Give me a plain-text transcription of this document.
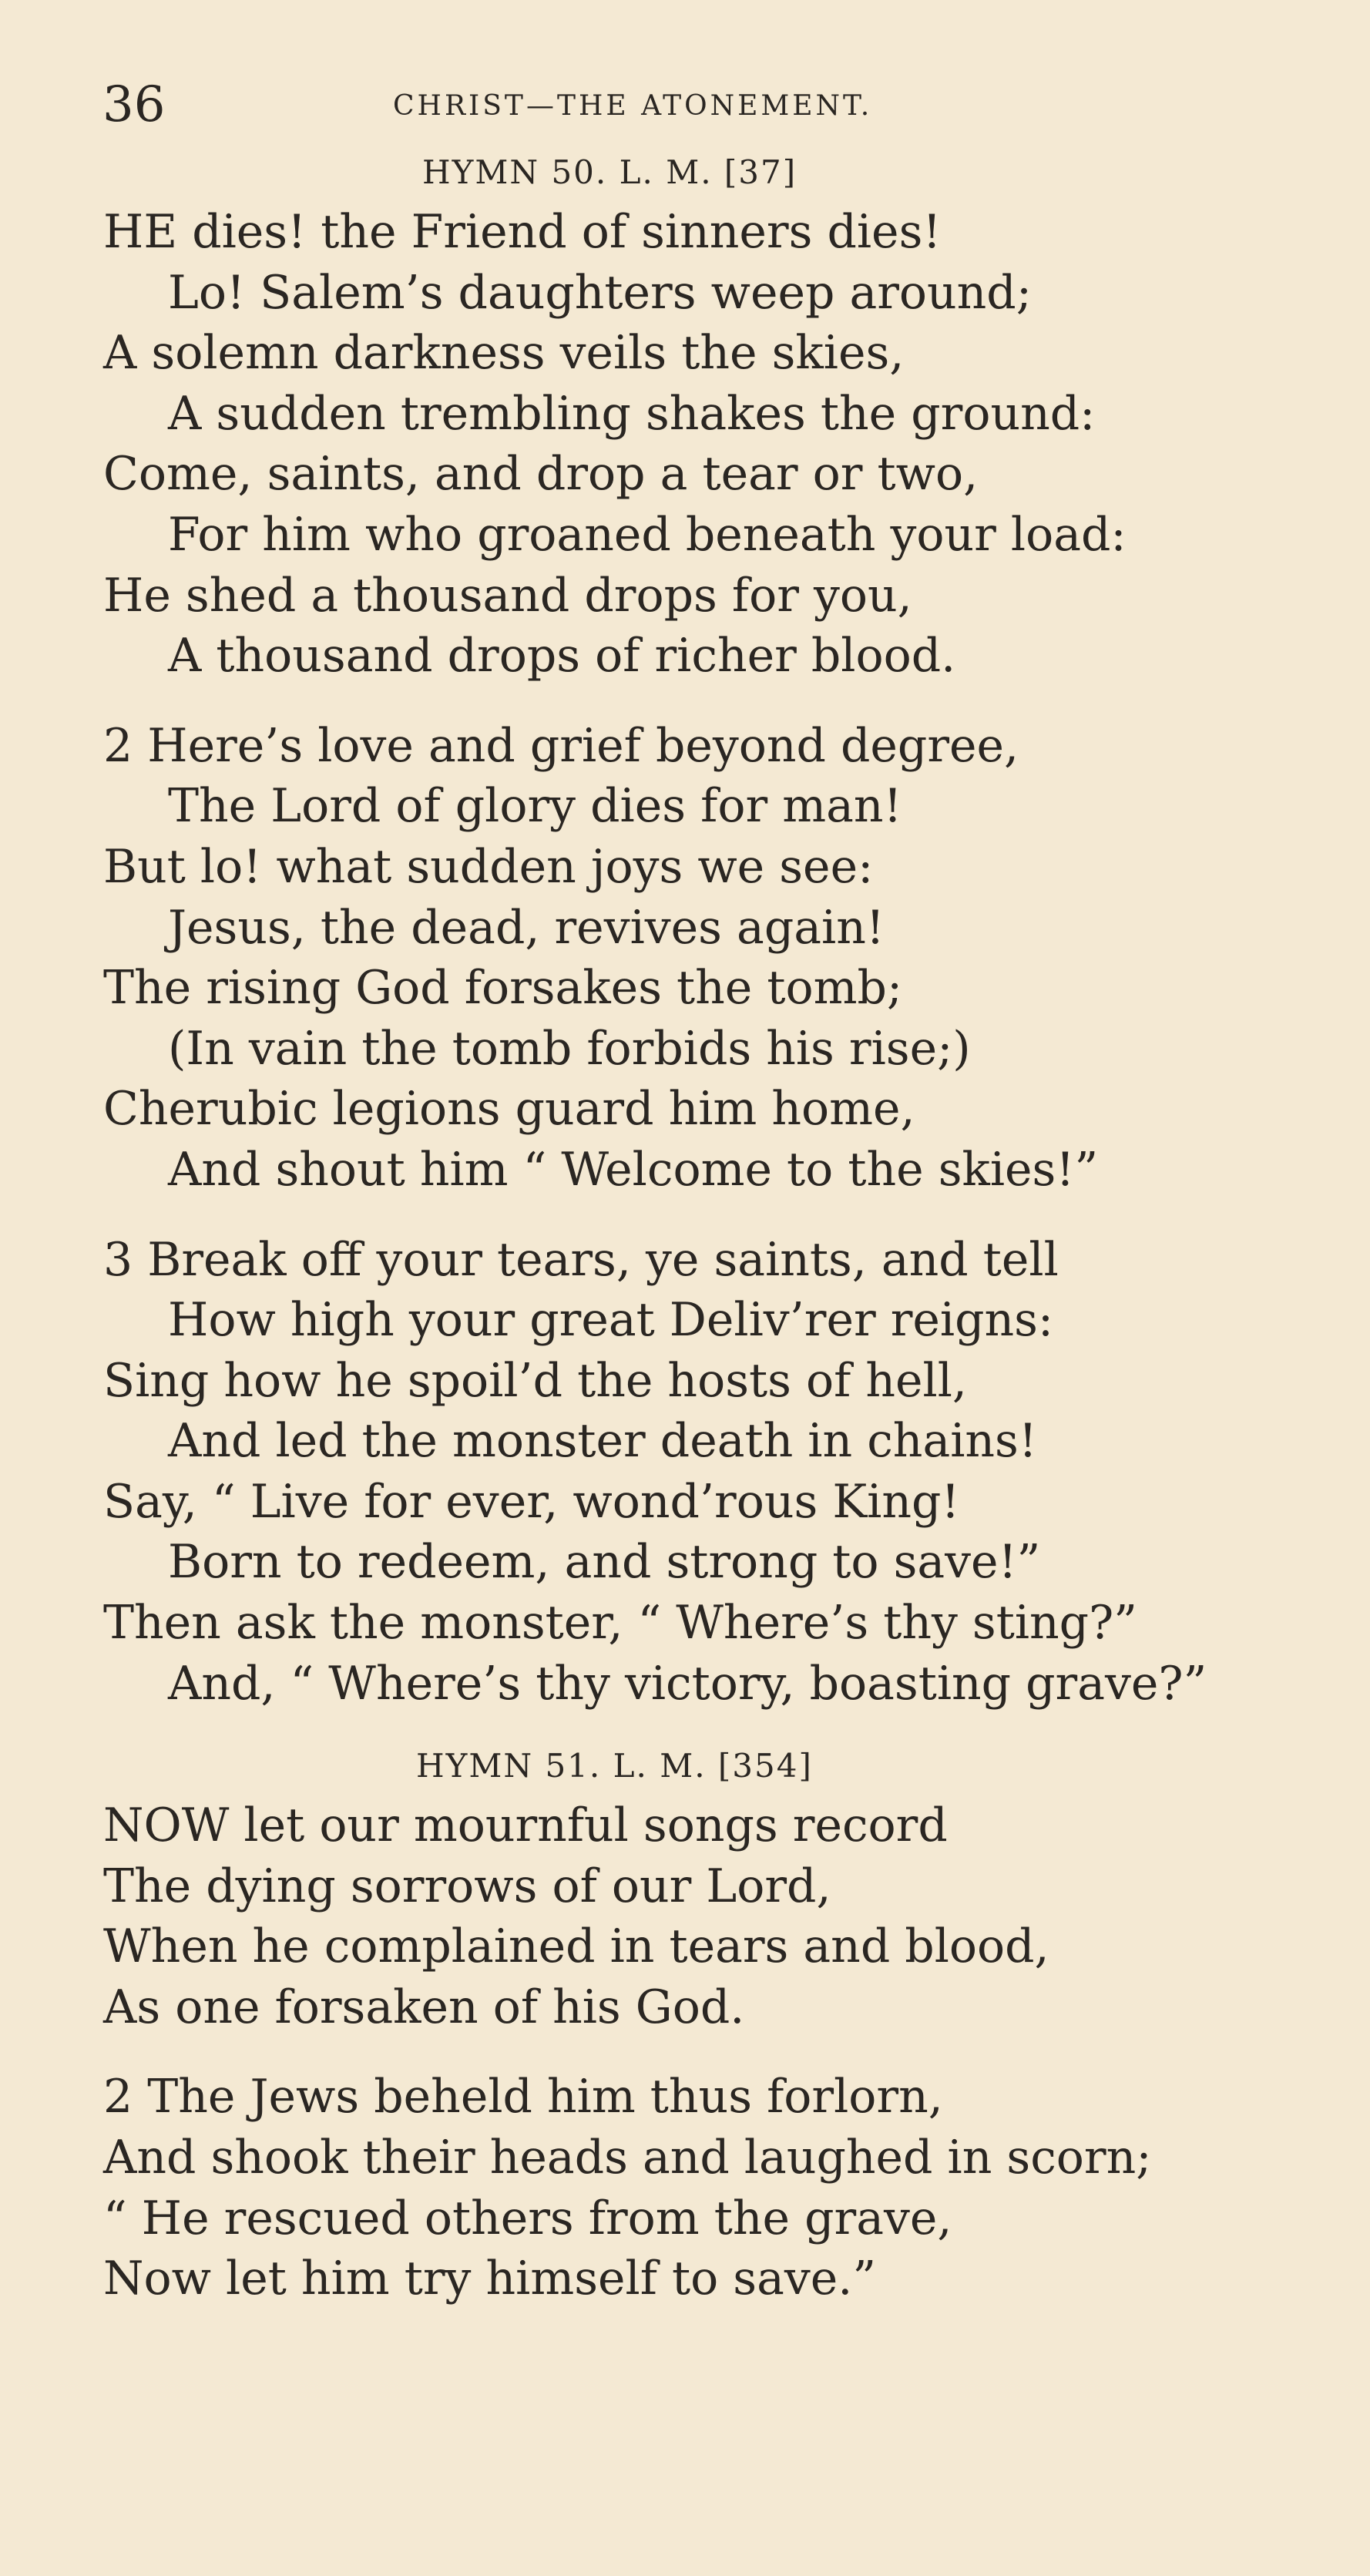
36	CHRIST—THE ATONEMENT.
HYMN 50. L. M. [37]
HE dies! the Friend of sinners dies!
Lo! Salem’s daughters weep around;
A solemn darkness veils the skies,
A sudden trembling shakes the ground:
Come, saints, and drop a tear or two,
For him who groaned beneath your load:
He shed a thousand drops for you,
A thousand drops of richer blood.
2 Here’s love and grief beyond degree,
The Lord of glory dies for man!
But lo! what sudden joys we see:
Jesus, the dead, revives again!
The rising God forsakes the tomb;
(In vain the tomb forbids his rise;)
Cherubic legions guard him home,
And shout him “ Welcome to the skies!”
3 Break off your tears, ye saints, and tell
How high your great Deliv’rer reigns:
Sing how he spoil’d the hosts of hell,
And led the monster death in chains!
Say, “ Live for ever, wond’rous King!
Born to redeem, and strong to save!”
Then ask the monster, “ Where’s thy sting?”
And, “ Where’s thy victory, boasting grave?”
HYMN 51. L. M. [354]
NOW let our mournful songs record
The dying sorrows of our Lord,
When he complained in tears and blood,
As one forsaken of his God.
2 The Jews beheld him thus forlorn,
And shook their heads and laughed in scorn;
“ He rescued others from the grave,
Now let him try himself to save.”
